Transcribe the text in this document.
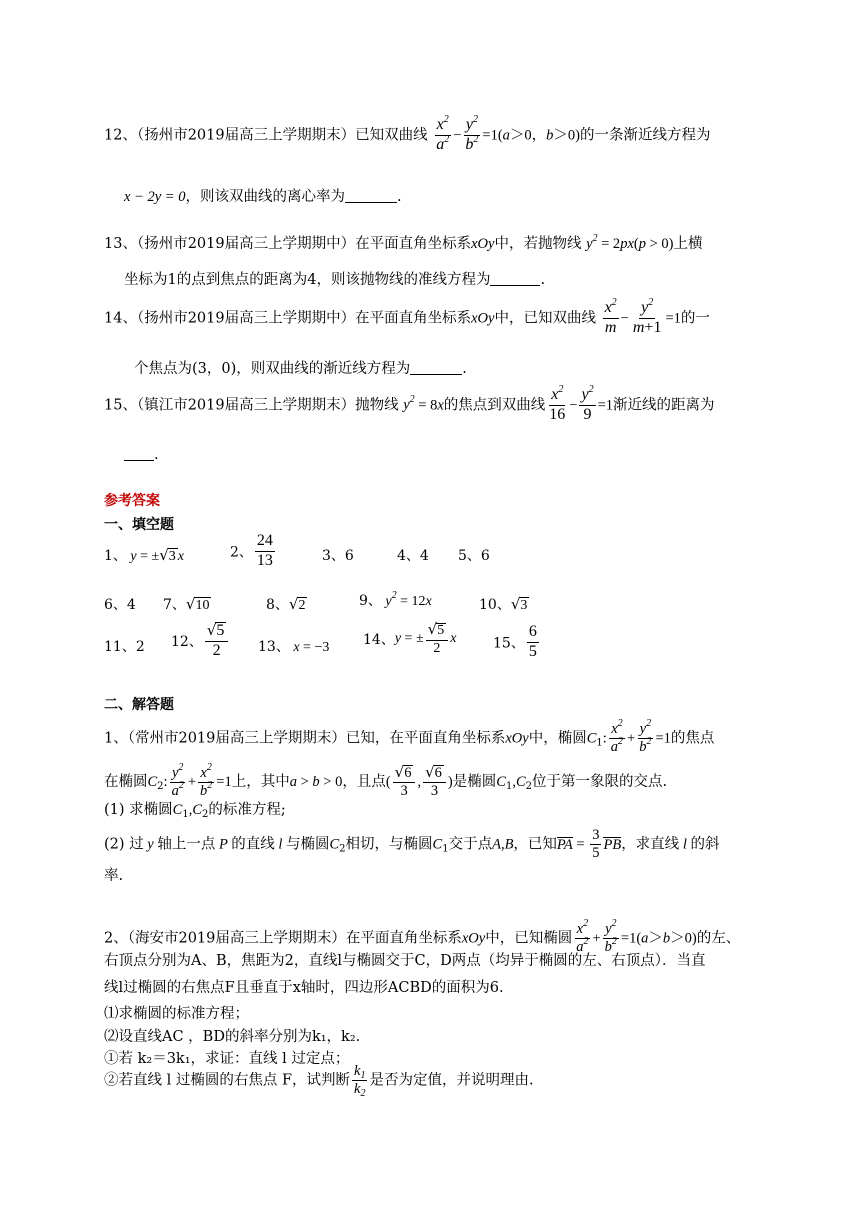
12、（扬州市2019届高三上学期期末）已知双曲线 $\frac{x^2}{a^2} - \frac{y^2}{b^2} =1(a>0$，b＞0)的一条渐近线方程为
x − 2y = 0，则该双曲线的离心率为	.
13、（扬州市2019届高三上学期期中）在平面直角坐标系xOy中，若抛物线 $y^2 = 2px(p > 0)$上横
坐标为1的点到焦点的距离为4，则该抛物线的准线方程为	.
14、（扬州市2019届高三上学期期中）在平面直角坐标系xOy中，已知双曲线 $\frac{x^2}{m} - \frac{y^2}{m+1} =1$的一
个焦点为(3，0)，则双曲线的渐近线方程为	.
15、（镇江市2019届高三上学期期末）抛物线 $y^2 = 8x$的焦点到双曲线 $\frac{x^2}{16} - \frac{y^2}{9} =1$渐近线的距离为
.
参考答案
一、填空题
1、 y = ±√3 x	2、 $\frac{24}{13}$	3、6	4、4 5、6
6、4 7、√10	8、√2	9、 $y^2 = 12x$	10、√3
11、2 12、 $\frac{√5}{2} 13$、 x = −3 14、y = ± $\frac{√5}{2}$ x	15、 $\frac{6}{5}$
二、解答题
1、（常州市2019届高三上学期期末）已知，在平面直角坐标系xOy中，椭圆$C_1$: $\frac{x^2}{a^2} + \frac{y^2}{b^2} =1$的焦点
在椭圆$C_2$: $\frac{y^2}{a^2} + \frac{x^2}{b^2} =1$上，其中a > b > 0，且点( $\frac{√6}{3}$ , $\frac{√6}{3}$ )是椭圆$C_1,C_2$位于第一象限的交点.
(1) 求椭圆$C_1,C_2$的标准方程;
(2) 过 y 轴上一点 P 的直线 l 与椭圆$C_2$相切，与椭圆$C_1$交于点A,B，已知PA = $\frac{3}{5}$ PB，求直线 l 的斜
率.
2、（海安市2019届高三上学期期末）在平面直角坐标系xOy中，已知椭圆 $\frac{x^2}{a^2} + \frac{y^2}{b^2} =1(a>b>0)$的左、
右顶点分别为A、B，焦距为2，直线l与椭圆交于C，D两点（均异于椭圆的左、右顶点）．当直
线l过椭圆的右焦点F且垂直于x轴时，四边形ACBD的面积为6.
⑴求椭圆的标准方程；
⑵设直线AC ，BD的斜率分别为k₁，k₂.
①若 k₂＝3k₁，求证：直线 l 过定点；
②若直线 l 过椭圆的右焦点 F，试判断 $\frac{k_1}{k_2}$ 是否为定值，并说明理由.
